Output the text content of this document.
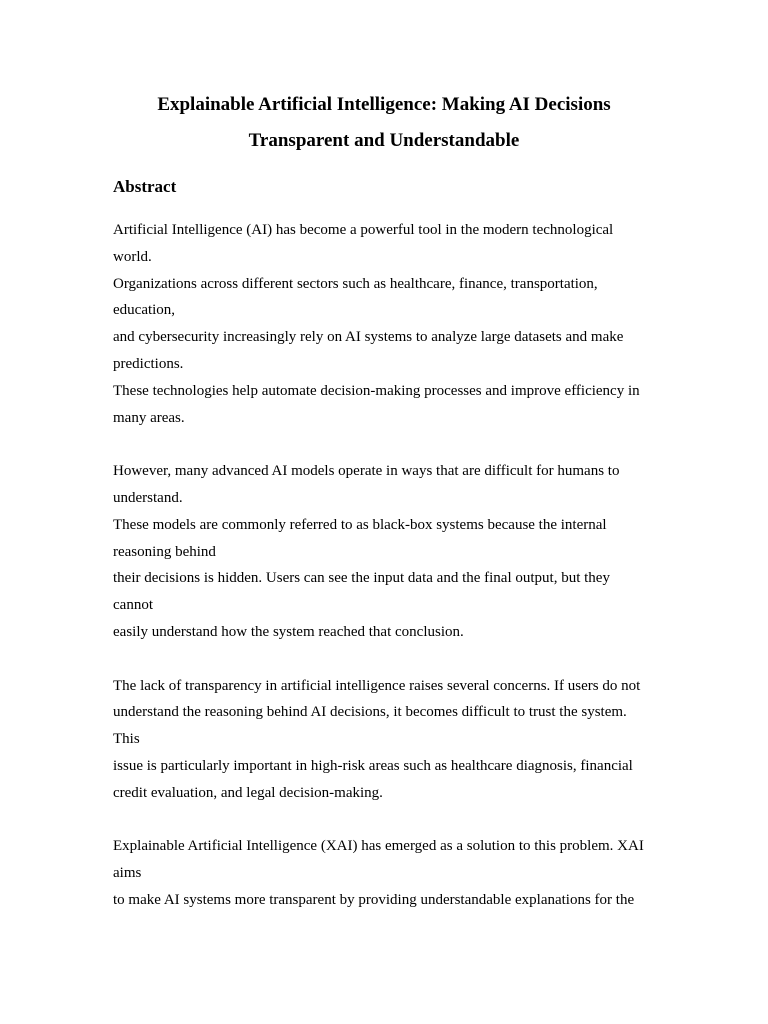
Explainable Artificial Intelligence: Making AI Decisions
Transparent and Understandable
Abstract
Artificial Intelligence (AI) has become a powerful tool in the modern technological
world.
Organizations across different sectors such as healthcare, finance, transportation,
education,
and cybersecurity increasingly rely on AI systems to analyze large datasets and make
predictions.
These technologies help automate decision-making processes and improve efficiency in
many areas.
However, many advanced AI models operate in ways that are difficult for humans to
understand.
These models are commonly referred to as black-box systems because the internal
reasoning behind
their decisions is hidden. Users can see the input data and the final output, but they
cannot
easily understand how the system reached that conclusion.
The lack of transparency in artificial intelligence raises several concerns. If users do not
understand the reasoning behind AI decisions, it becomes difficult to trust the system.
This
issue is particularly important in high-risk areas such as healthcare diagnosis, financial
credit evaluation, and legal decision-making.
Explainable Artificial Intelligence (XAI) has emerged as a solution to this problem. XAI
aims
to make AI systems more transparent by providing understandable explanations for the
